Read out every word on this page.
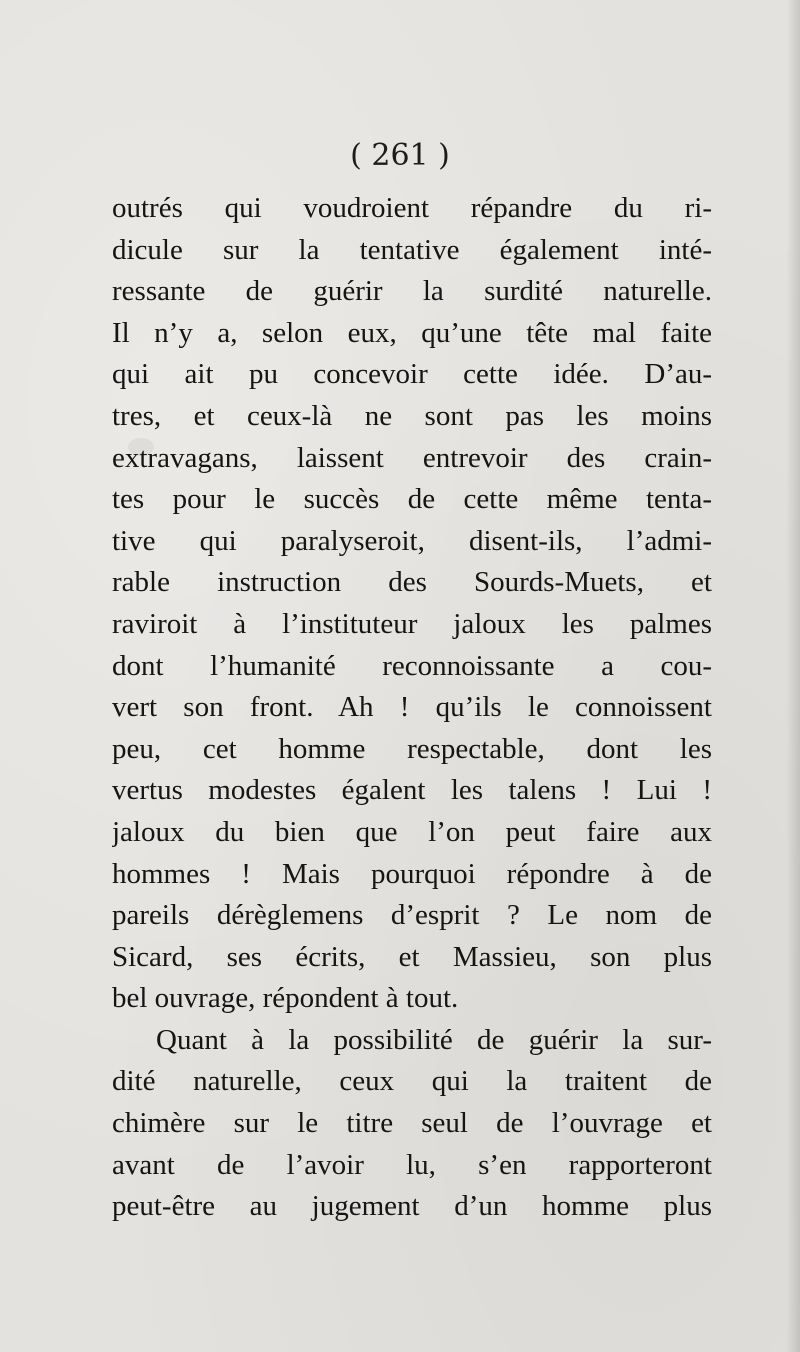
( 261 )

outrés qui voudroient répandre du ri-
dicule sur la tentative également inté-
ressante de guérir la surdité naturelle.
Il n’y a, selon eux, qu’une tête mal faite
qui ait pu concevoir cette idée. D’au-
tres, et ceux-là ne sont pas les moins
extravagans, laissent entrevoir des crain-
tes pour le succès de cette même tenta-
tive qui paralyseroit, disent-ils, l’admi-
rable instruction des Sourds-Muets, et
raviroit à l’instituteur jaloux les palmes
dont l’humanité reconnoissante a cou-
vert son front. Ah ! qu’ils le connoissent
peu, cet homme respectable, dont les
vertus modestes égalent les talens ! Lui !
jaloux du bien que l’on peut faire aux
hommes ! Mais pourquoi répondre à de
pareils dérèglemens d’esprit ? Le nom de
Sicard, ses écrits, et Massieu, son plus
bel ouvrage, répondent à tout.
Quant à la possibilité de guérir la sur-
dité naturelle, ceux qui la traitent de
chimère sur le titre seul de l’ouvrage et
avant de l’avoir lu, s’en rapporteront
peut-être au jugement d’un homme plus
